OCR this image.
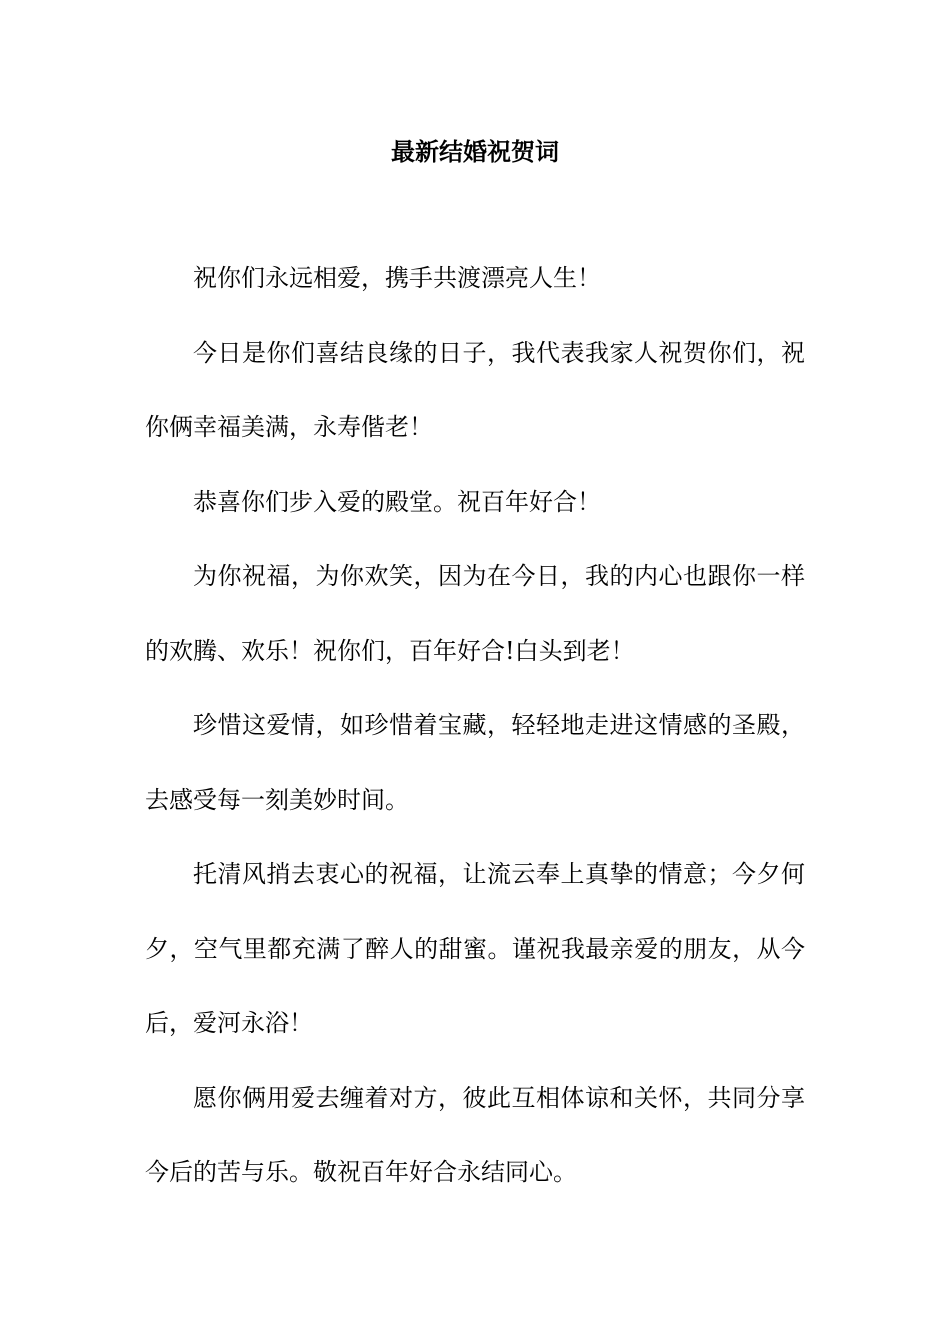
最新结婚祝贺词

祝你们永远相爱，携手共渡漂亮人生！

今日是你们喜结良缘的日子，我代表我家人祝贺你们，祝你俩幸福美满，永寿偕老！

恭喜你们步入爱的殿堂。祝百年好合！

为你祝福，为你欢笑，因为在今日，我的内心也跟你一样的欢腾、欢乐！祝你们，百年好合!白头到老！

珍惜这爱情，如珍惜着宝藏，轻轻地走进这情感的圣殿，去感受每一刻美妙时间。

托清风捎去衷心的祝福，让流云奉上真挚的情意；今夕何夕，空气里都充满了醉人的甜蜜。谨祝我最亲爱的朋友，从今后，爱河永浴！

愿你俩用爱去缠着对方，彼此互相体谅和关怀，共同分享今后的苦与乐。敬祝百年好合永结同心。
